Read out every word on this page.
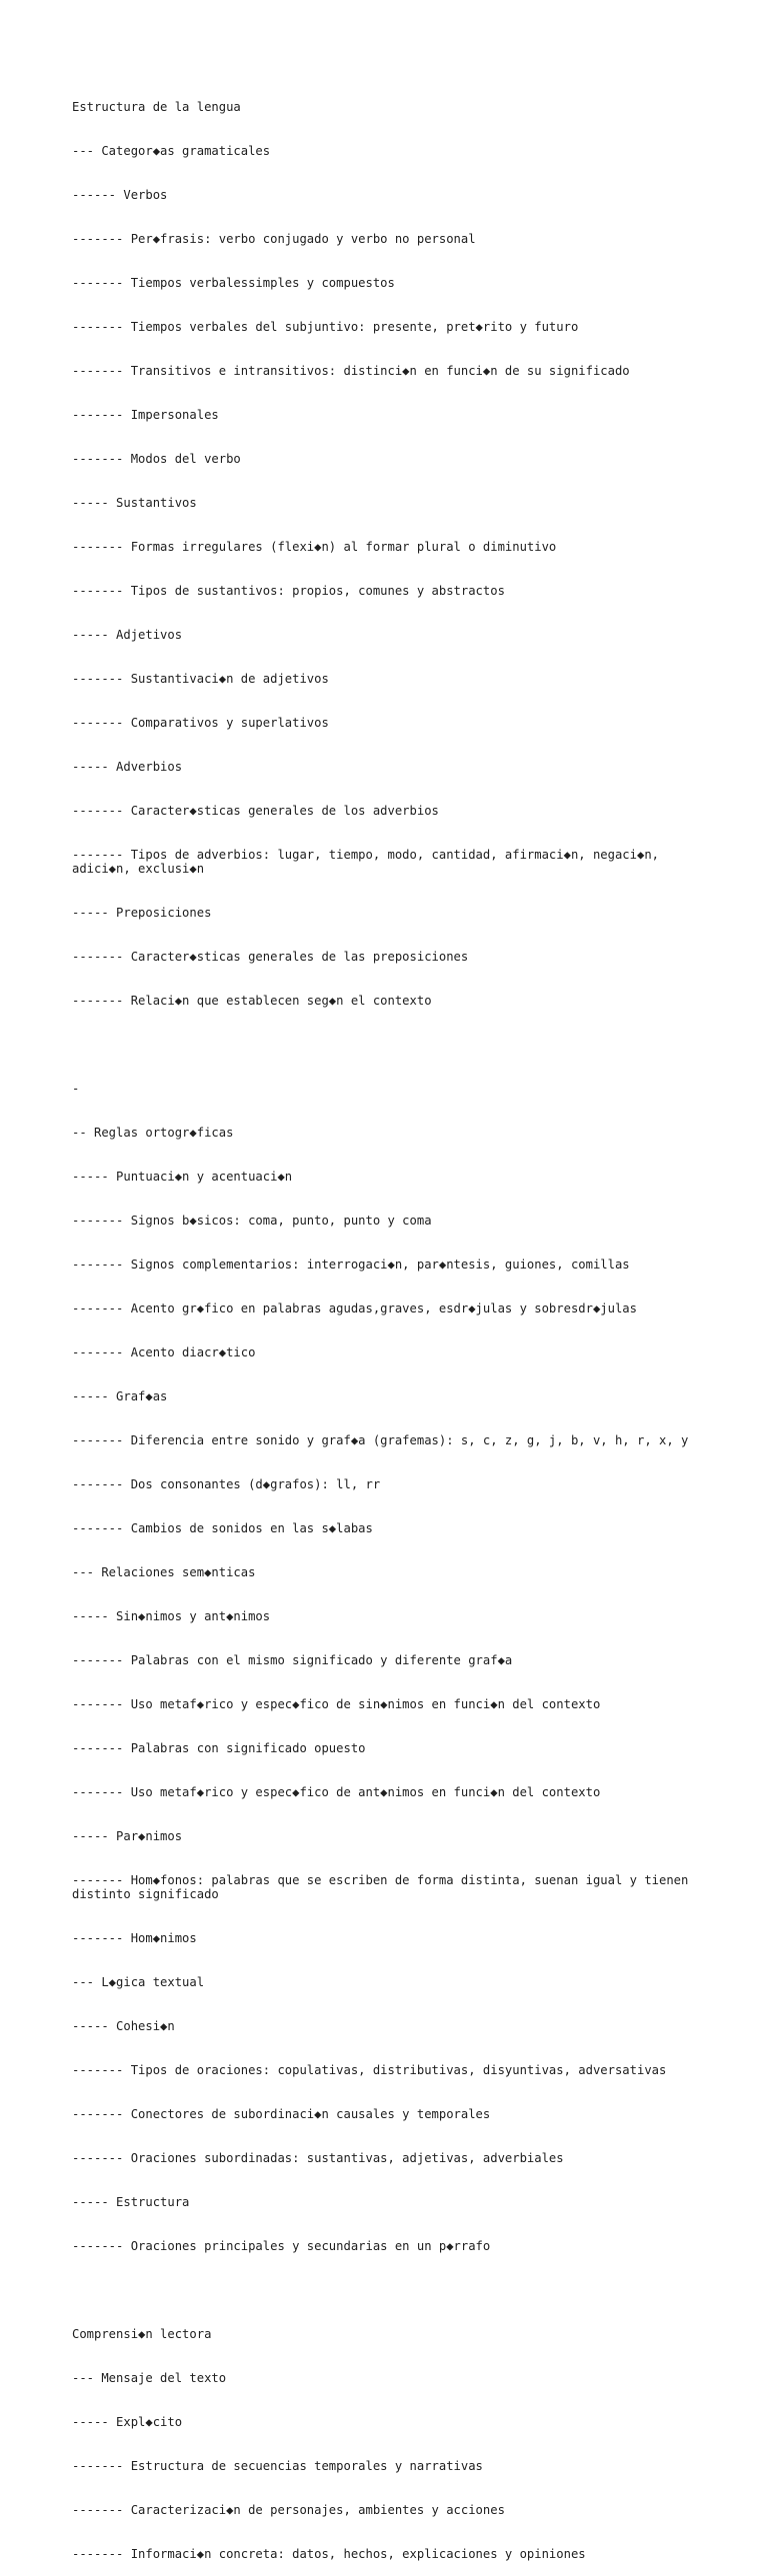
Estructura de la lengua

--- Categor◆as gramaticales

------ Verbos

------- Per◆frasis: verbo conjugado y verbo no personal

------- Tiempos verbalessimples y compuestos

------- Tiempos verbales del subjuntivo: presente, pret◆rito y futuro

------- Transitivos e intransitivos: distinci◆n en funci◆n de su significado

------- Impersonales

------- Modos del verbo

----- Sustantivos

------- Formas irregulares (flexi◆n) al formar plural o diminutivo

------- Tipos de sustantivos: propios, comunes y abstractos

----- Adjetivos

------- Sustantivaci◆n de adjetivos

------- Comparativos y superlativos

----- Adverbios

------- Caracter◆sticas generales de los adverbios

------- Tipos de adverbios: lugar, tiempo, modo, cantidad, afirmaci◆n, negaci◆n, adici◆n, exclusi◆n

----- Preposiciones

------- Caracter◆sticas generales de las preposiciones

------- Relaci◆n que establecen seg◆n el contexto

-

-- Reglas ortogr◆ficas

----- Puntuaci◆n y acentuaci◆n

------- Signos b◆sicos: coma, punto, punto y coma

------- Signos complementarios: interrogaci◆n, par◆ntesis, guiones, comillas

------- Acento gr◆fico en palabras agudas,graves, esdr◆julas y sobresdr◆julas

------- Acento diacr◆tico

----- Graf◆as

------- Diferencia entre sonido y graf◆a (grafemas): s, c, z, g, j, b, v, h, r, x, y

------- Dos consonantes (d◆grafos): ll, rr

------- Cambios de sonidos en las s◆labas

--- Relaciones sem◆nticas

----- Sin◆nimos y ant◆nimos

------- Palabras con el mismo significado y diferente graf◆a

------- Uso metaf◆rico y espec◆fico de sin◆nimos en funci◆n del contexto

------- Palabras con significado opuesto

------- Uso metaf◆rico y espec◆fico de ant◆nimos en funci◆n del contexto

----- Par◆nimos

------- Hom◆fonos: palabras que se escriben de forma distinta, suenan igual y tienen distinto significado

------- Hom◆nimos

--- L◆gica textual

----- Cohesi◆n

------- Tipos de oraciones: copulativas, distributivas, disyuntivas, adversativas

------- Conectores de subordinaci◆n causales y temporales

------- Oraciones subordinadas: sustantivas, adjetivas, adverbiales

----- Estructura

------- Oraciones principales y secundarias en un p◆rrafo

Comprensi◆n lectora

--- Mensaje del texto

----- Expl◆cito

------- Estructura de secuencias temporales y narrativas

------- Caracterizaci◆n de personajes, ambientes y acciones

------- Informaci◆n concreta: datos, hechos, explicaciones y opiniones
